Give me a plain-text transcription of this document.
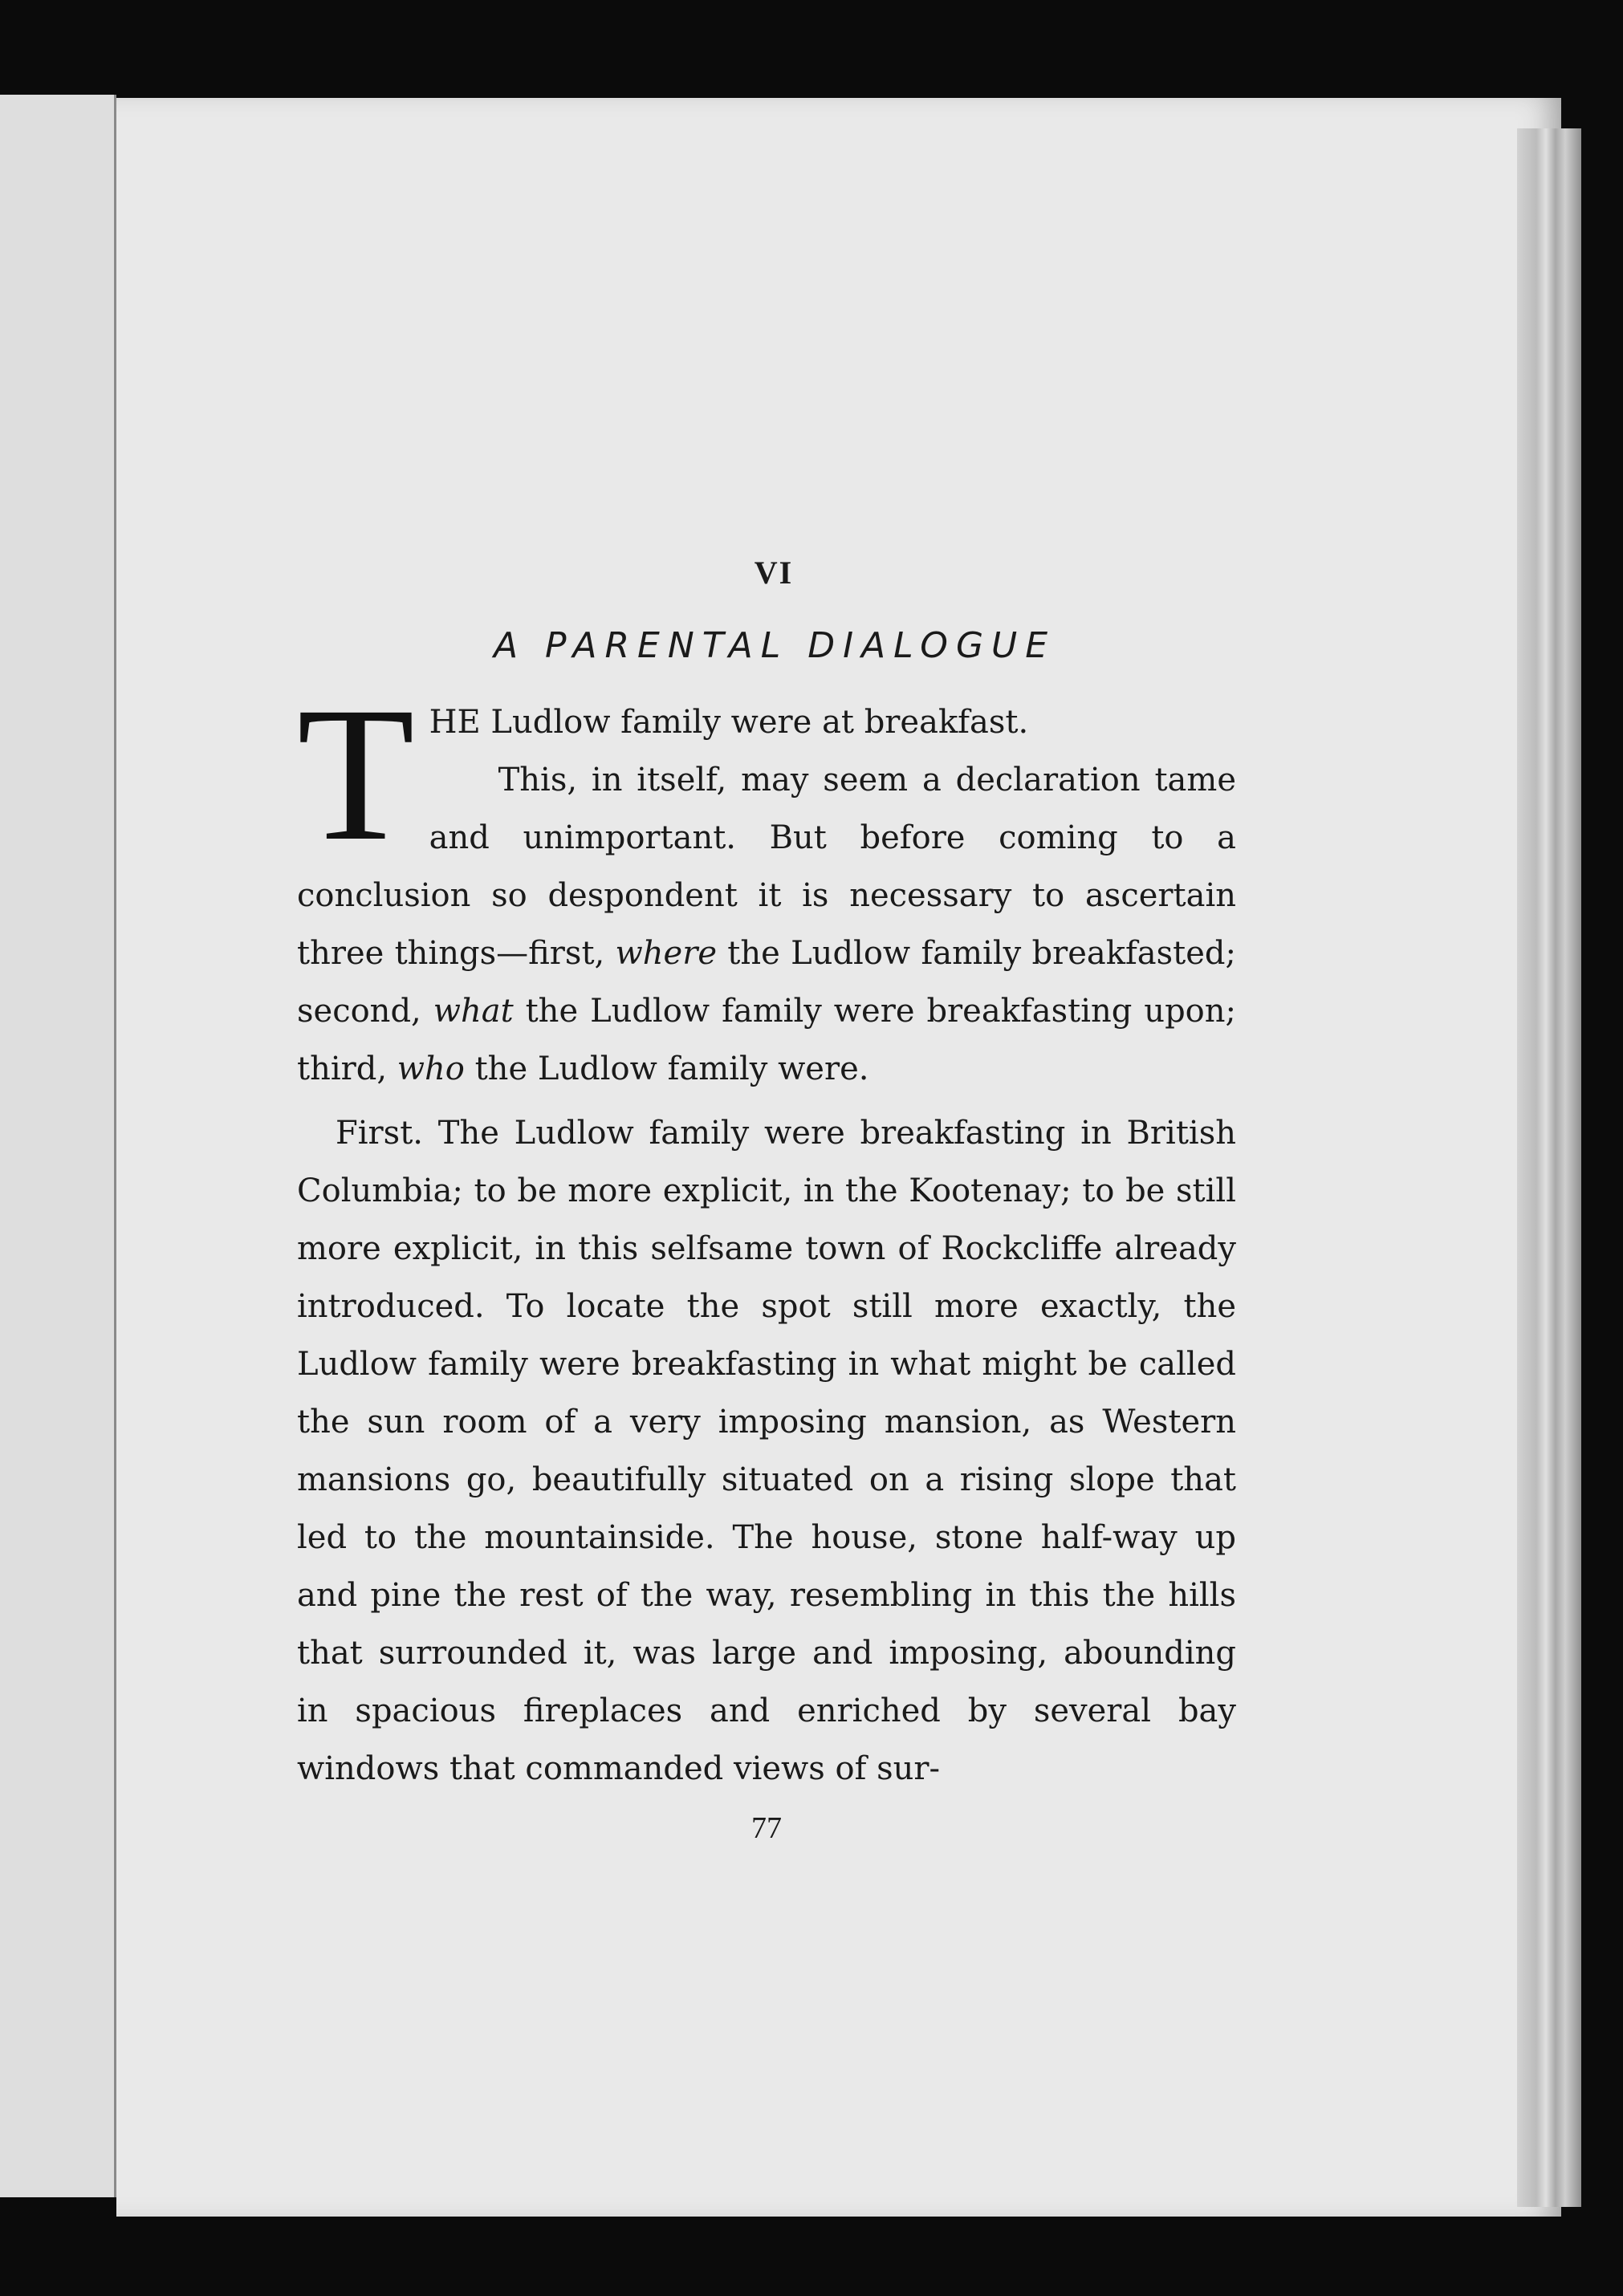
VI
A PARENTAL DIALOGUE

T HE Ludlow family were at breakfast.
This, in itself, may seem a declaration tame and unimportant. But before coming to a conclusion so despondent it is necessary to ascertain three things—first, where the Ludlow family breakfasted; second, what the Ludlow family were breakfasting upon; third, who the Ludlow family were.

First. The Ludlow family were breakfasting in British Columbia; to be more explicit, in the Kootenay; to be still more explicit, in this selfsame town of Rockcliffe already introduced. To locate the spot still more exactly, the Ludlow family were breakfasting in what might be called the sun room of a very imposing mansion, as Western mansions go, beautifully situated on a rising slope that led to the mountainside. The house, stone half-way up and pine the rest of the way, resembling in this the hills that surrounded it, was large and imposing, abounding in spacious fireplaces and enriched by several bay windows that commanded views of sur-

77
